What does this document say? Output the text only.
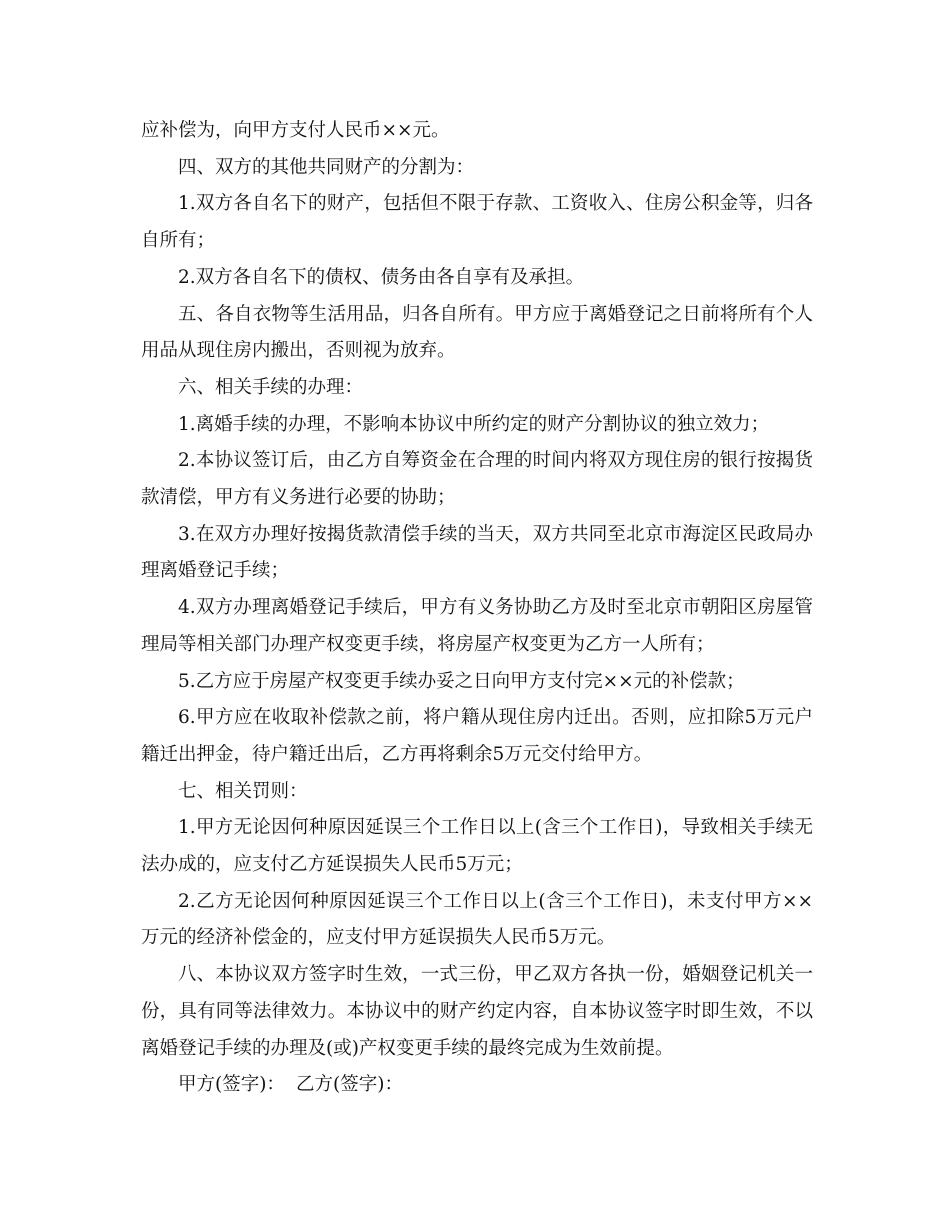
应补偿为，向甲方支付人民币××元。

四、双方的其他共同财产的分割为：

1.双方各自名下的财产，包括但不限于存款、工资收入、住房公积金等，归各自所有；

2.双方各自名下的债权、债务由各自享有及承担。

五、各自衣物等生活用品，归各自所有。甲方应于离婚登记之日前将所有个人用品从现住房内搬出，否则视为放弃。

六、相关手续的办理：

1.离婚手续的办理，不影响本协议中所约定的财产分割协议的独立效力；

2.本协议签订后，由乙方自筹资金在合理的时间内将双方现住房的银行按揭货款清偿，甲方有义务进行必要的协助；

3.在双方办理好按揭货款清偿手续的当天，双方共同至北京市海淀区民政局办理离婚登记手续；

4.双方办理离婚登记手续后，甲方有义务协助乙方及时至北京市朝阳区房屋管理局等相关部门办理产权变更手续，将房屋产权变更为乙方一人所有；

5.乙方应于房屋产权变更手续办妥之日向甲方支付完××元的补偿款；

6.甲方应在收取补偿款之前，将户籍从现住房内迁出。否则，应扣除5万元户籍迁出押金，待户籍迁出后，乙方再将剩余5万元交付给甲方。

七、相关罚则：

1.甲方无论因何种原因延误三个工作日以上(含三个工作日)，导致相关手续无法办成的，应支付乙方延误损失人民币5万元；

2.乙方无论因何种原因延误三个工作日以上(含三个工作日)，未支付甲方××万元的经济补偿金的，应支付甲方延误损失人民币5万元。

八、本协议双方签字时生效，一式三份，甲乙双方各执一份，婚姻登记机关一份，具有同等法律效力。本协议中的财产约定内容，自本协议签字时即生效，不以离婚登记手续的办理及(或)产权变更手续的最终完成为生效前提。

甲方(签字)： 乙方(签字)：
